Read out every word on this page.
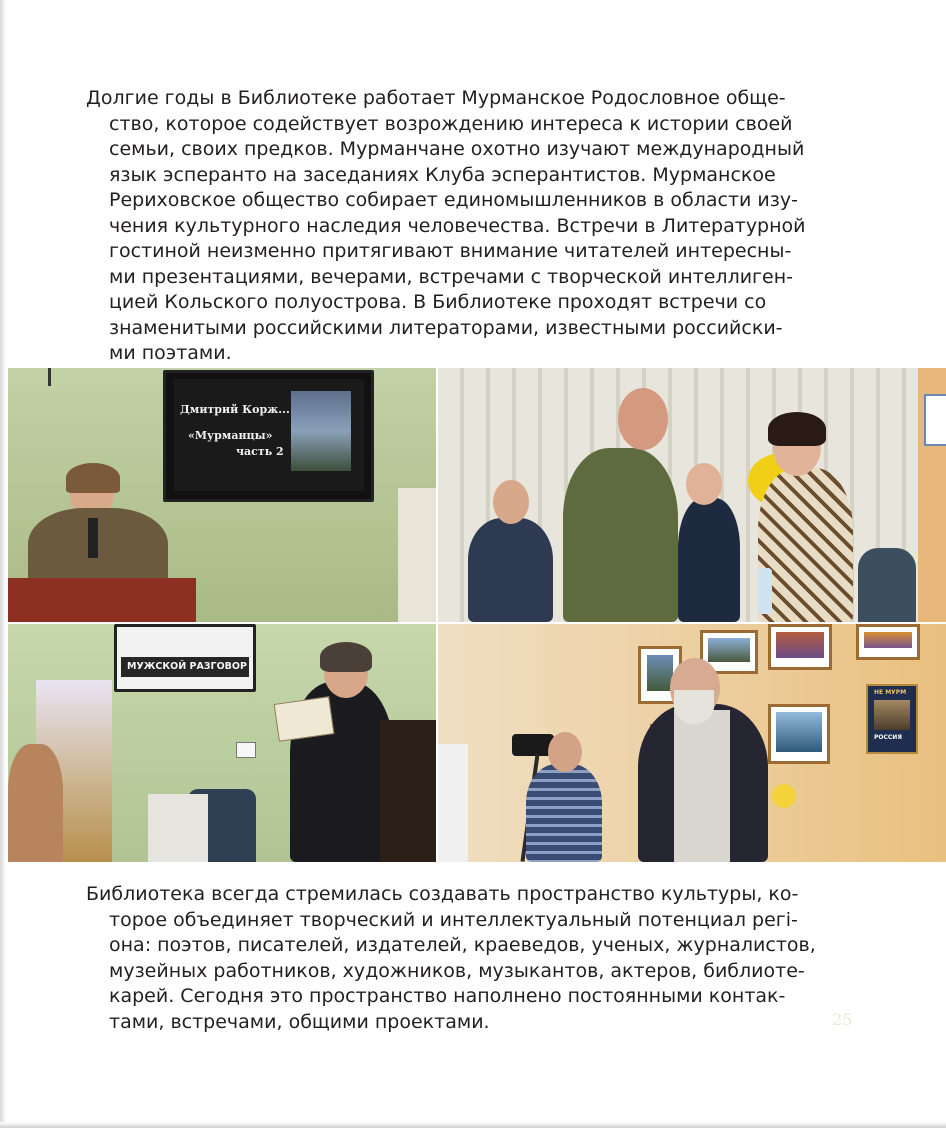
Долгие годы в Библиотеке работает Мурманское Родословное обще-
ство, которое содействует возрождению интереса к истории своей
семьи, своих предков. Мурманчане охотно изучают международный
язык эсперанто на заседаниях Клуба эсперантистов. Мурманское
Рериховское общество собирает единомышленников в области изу-
чения культурного наследия человечества. Встречи в Литературной
гостиной неизменно притягивают внимание читателей интересны-
ми презентациями, вечерами, встречами с творческой интеллиген-
цией Кольского полуострова. В Библиотеке проходят встречи со
знаменитыми российскими литераторами, известными российски-
ми поэтами.
Дмитрий Корж...
«Мурманцы»
часть 2
МУЖСКОЙ РАЗГОВОР
НЕ МУРМ
РОССИЯ
Библиотека всегда стремилась создавать пространство культуры, ко-
торое объединяет творческий и интеллектуальный потенциал регi-
она: поэтов, писателей, издателей, краеведов, ученых, журналистов,
музейных работников, художников, музыкантов, актеров, библиоте-
карей. Сегодня это пространство наполнено постоянными контак-
тами, встречами, общими проектами.	25
